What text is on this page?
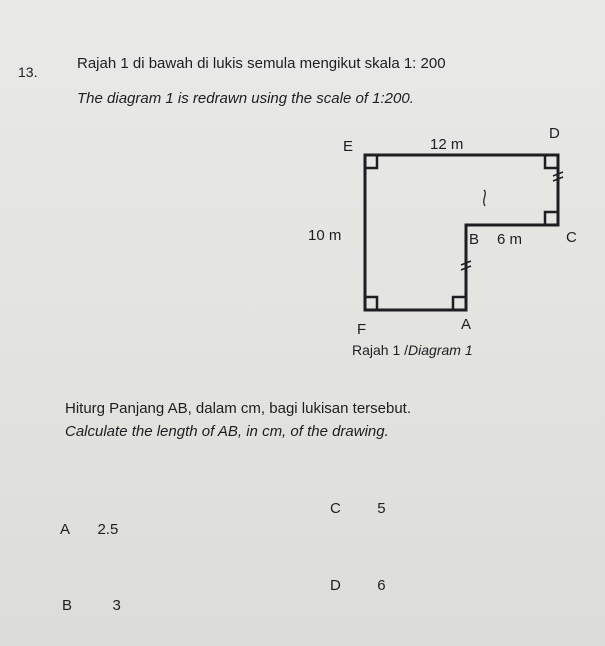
13.	Rajah 1 di bawah di lukis semula mengikut skala 1: 200
The diagram 1 is redrawn using the scale of 1:200.
E	12 m
D
10 m	B 6 m	C
F	A
Rajah 1 /Diagram 1
Hiturg Panjang AB, dalam cm, bagi lukisan tersebut.
Calculate the length of AB, in cm, of the drawing.
C 5
A 2.5
D 6
B	3
